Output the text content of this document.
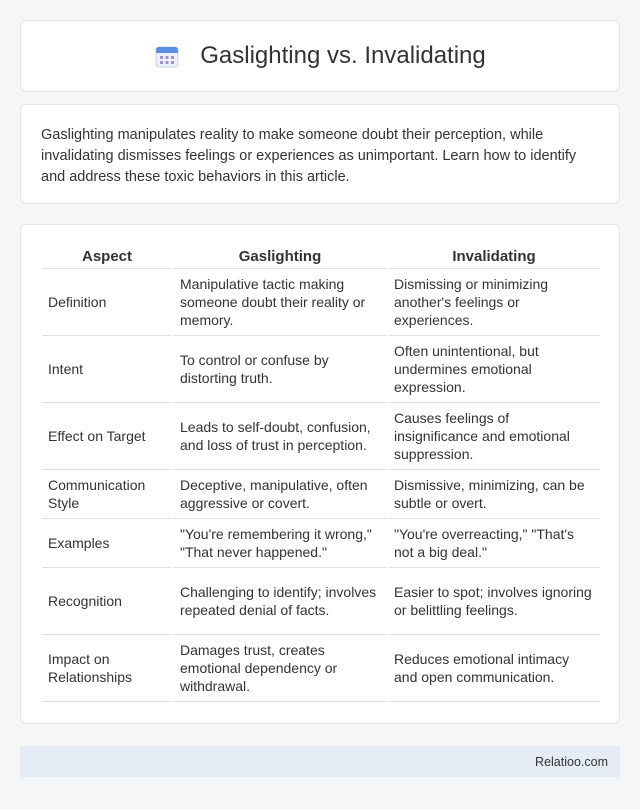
Gaslighting vs. Invalidating

Gaslighting manipulates reality to make someone doubt their perception, while invalidating dismisses feelings or experiences as unimportant. Learn how to identify and address these toxic behaviors in this article.

Aspect	Gaslighting	Invalidating
Definition	Manipulative tactic making someone doubt their reality or memory.	Dismissing or minimizing another's feelings or experiences.
Intent	To control or confuse by distorting truth.	Often unintentional, but undermines emotional expression.
Effect on Target	Leads to self-doubt, confusion, and loss of trust in perception.	Causes feelings of insignificance and emotional suppression.
Communication Style	Deceptive, manipulative, often aggressive or covert.	Dismissive, minimizing, can be subtle or overt.
Examples	"You're remembering it wrong," "That never happened."	"You're overreacting," "That's not a big deal."
Recognition	Challenging to identify; involves repeated denial of facts.	Easier to spot; involves ignoring or belittling feelings.
Impact on Relationships	Damages trust, creates emotional dependency or withdrawal.	Reduces emotional intimacy and open communication.
Relatioo.com
